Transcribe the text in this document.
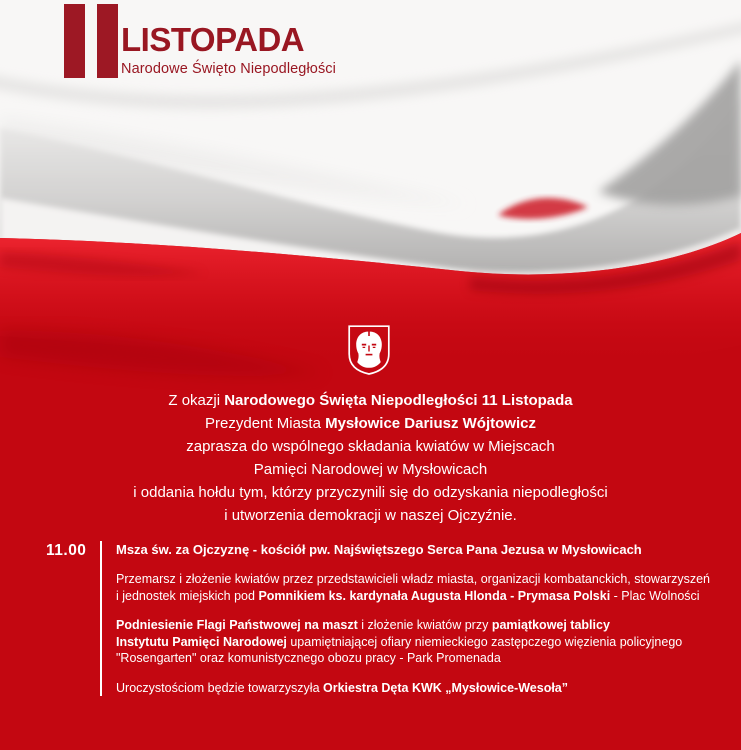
LISTOPADA
Narodowe Święto Niepodległości
Z okazji Narodowego Święta Niepodległości 11 Listopada
Prezydent Miasta Mysłowice Dariusz Wójtowicz
zaprasza do wspólnego składania kwiatów w Miejscach
Pamięci Narodowej w Mysłowicach
i oddania hołdu tym, którzy przyczynili się do odzyskania niepodległości
i utworzenia demokracji w naszej Ojczyźnie.
11.00 Msza św. za Ojczyznę - kościół pw. Najświętszego Serca Pana Jezusa w Mysłowicach
Przemarsz i złożenie kwiatów przez przedstawicieli władz miasta, organizacji kombatanckich, stowarzyszeń
i jednostek miejskich pod Pomnikiem ks. kardynała Augusta Hlonda - Prymasa Polski - Plac Wolności
Podniesienie Flagi Państwowej na maszt i złożenie kwiatów przy pamiątkowej tablicy
Instytutu Pamięci Narodowej upamiętniającej ofiary niemieckiego zastępczego więzienia policyjnego
"Rosengarten" oraz komunistycznego obozu pracy - Park Promenada
Uroczystościom będzie towarzyszyła Orkiestra Dęta KWK „Mysłowice-Wesoła”
